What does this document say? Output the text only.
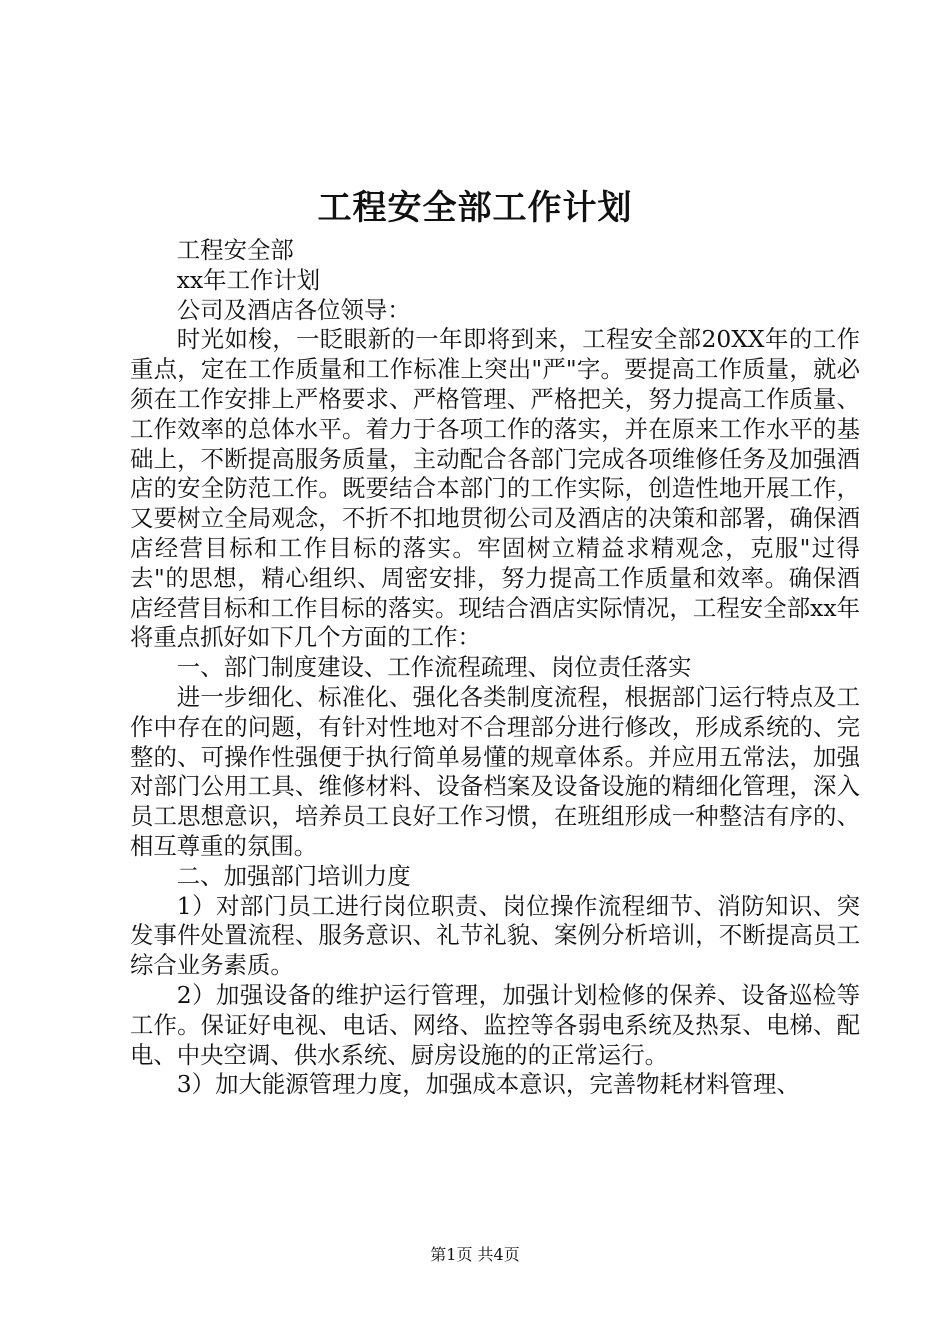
工程安全部工作计划

工程安全部

xx年工作计划

公司及酒店各位领导：

时光如梭，一眨眼新的一年即将到来，工程安全部20XX年的工作重点，定在工作质量和工作标准上突出"严"字。要提高工作质量，就必须在工作安排上严格要求、严格管理、严格把关，努力提高工作质量、工作效率的总体水平。着力于各项工作的落实，并在原来工作水平的基础上，不断提高服务质量，主动配合各部门完成各项维修任务及加强酒店的安全防范工作。既要结合本部门的工作实际，创造性地开展工作，又要树立全局观念，不折不扣地贯彻公司及酒店的决策和部署，确保酒店经营目标和工作目标的落实。牢固树立精益求精观念，克服"过得去"的思想，精心组织、周密安排，努力提高工作质量和效率。确保酒店经营目标和工作目标的落实。现结合酒店实际情况，工程安全部xx年将重点抓好如下几个方面的工作：

一、部门制度建设、工作流程疏理、岗位责任落实

进一步细化、标准化、强化各类制度流程，根据部门运行特点及工作中存在的问题，有针对性地对不合理部分进行修改，形成系统的、完整的、可操作性强便于执行简单易懂的规章体系。并应用五常法，加强对部门公用工具、维修材料、设备档案及设备设施的精细化管理，深入员工思想意识，培养员工良好工作习惯，在班组形成一种整洁有序的、相互尊重的氛围。

二、加强部门培训力度

1）对部门员工进行岗位职责、岗位操作流程细节、消防知识、突发事件处置流程、服务意识、礼节礼貌、案例分析培训，不断提高员工综合业务素质。

2）加强设备的维护运行管理，加强计划检修的保养、设备巡检等工作。保证好电视、电话、网络、监控等各弱电系统及热泵、电梯、配电、中央空调、供水系统、厨房设施的的正常运行。

3）加大能源管理力度，加强成本意识，完善物耗材料管理、

第1页 共4页
